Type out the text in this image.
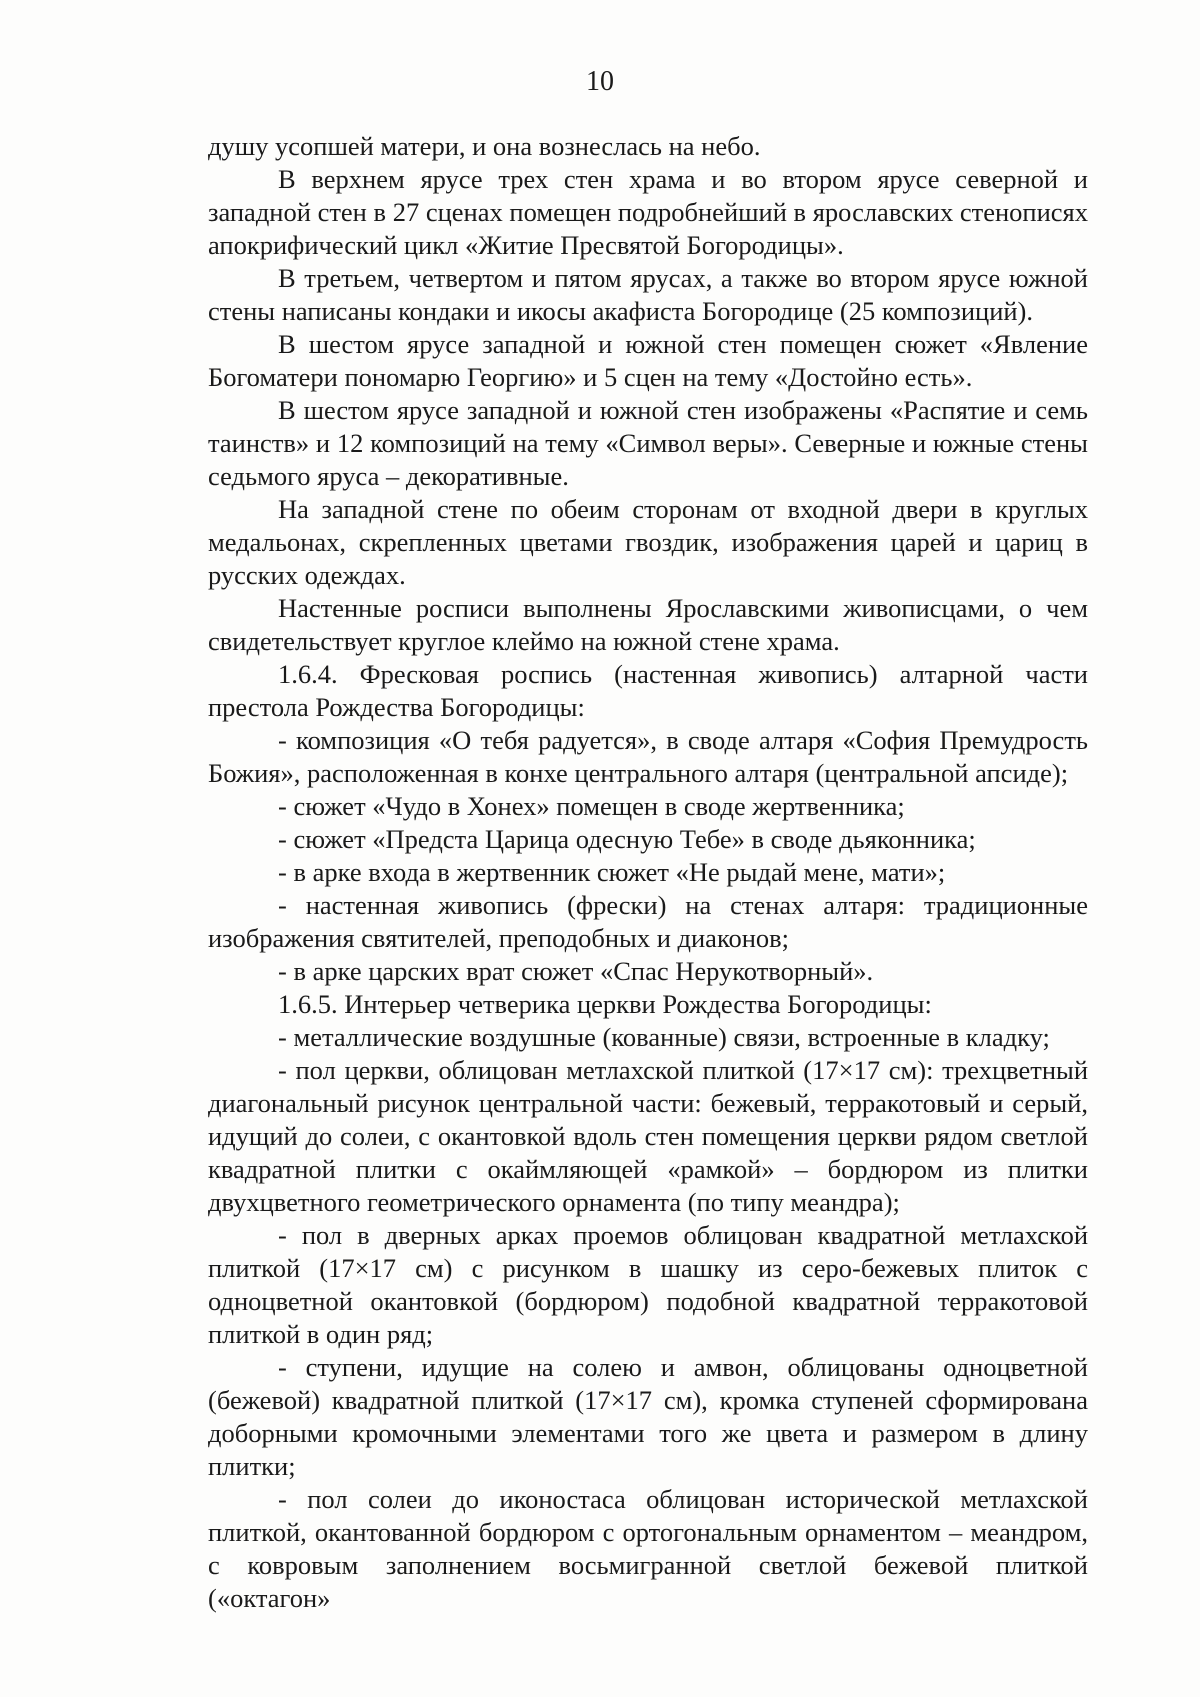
10

душу усопшей матери, и она вознеслась на небо.

В верхнем ярусе трех стен храма и во втором ярусе северной и западной стен в 27 сценах помещен подробнейший в ярославских стенописях апокрифический цикл «Житие Пресвятой Богородицы».

В третьем, четвертом и пятом ярусах, а также во втором ярусе южной стены написаны кондаки и икосы акафиста Богородице (25 композиций).

В шестом ярусе западной и южной стен помещен сюжет «Явление Богоматери пономарю Георгию» и 5 сцен на тему «Достойно есть».

В шестом ярусе западной и южной стен изображены «Распятие и семь таинств» и 12 композиций на тему «Символ веры». Северные и южные стены седьмого яруса – декоративные.

На западной стене по обеим сторонам от входной двери в круглых медальонах, скрепленных цветами гвоздик, изображения царей и цариц в русских одеждах.

Настенные росписи выполнены Ярославскими живописцами, о чем свидетельствует круглое клеймо на южной стене храма.

1.6.4. Фресковая роспись (настенная живопись) алтарной части престола Рождества Богородицы:

- композиция «О тебя радуется», в своде алтаря «София Премудрость Божия», расположенная в конхе центрального алтаря (центральной апсиде);

- сюжет «Чудо в Хонех» помещен в своде жертвенника;

- сюжет «Предста Царица одесную Тебе» в своде дьяконника;

- в арке входа в жертвенник сюжет «Не рыдай мене, мати»;

- настенная живопись (фрески) на стенах алтаря: традиционные изображения святителей, преподобных и диаконов;

- в арке царских врат сюжет «Спас Нерукотворный».

1.6.5. Интерьер четверика церкви Рождества Богородицы:

- металлические воздушные (кованные) связи, встроенные в кладку;

- пол церкви, облицован метлахской плиткой (17×17 см): трехцветный диагональный рисунок центральной части: бежевый, терракотовый и серый, идущий до солеи, с окантовкой вдоль стен помещения церкви рядом светлой квадратной плитки с окаймляющей «рамкой» – бордюром из плитки двухцветного геометрического орнамента (по типу меандра);

- пол в дверных арках проемов облицован квадратной метлахской плиткой (17×17 см) с рисунком в шашку из серо-бежевых плиток с одноцветной окантовкой (бордюром) подобной квадратной терракотовой плиткой в один ряд;

- ступени, идущие на солею и амвон, облицованы одноцветной (бежевой) квадратной плиткой (17×17 см), кромка ступеней сформирована доборными кромочными элементами того же цвета и размером в длину плитки;

- пол солеи до иконостаса облицован исторической метлахской плиткой, окантованной бордюром с ортогональным орнаментом – меандром, с ковровым заполнением восьмигранной светлой бежевой плиткой («октагон»
